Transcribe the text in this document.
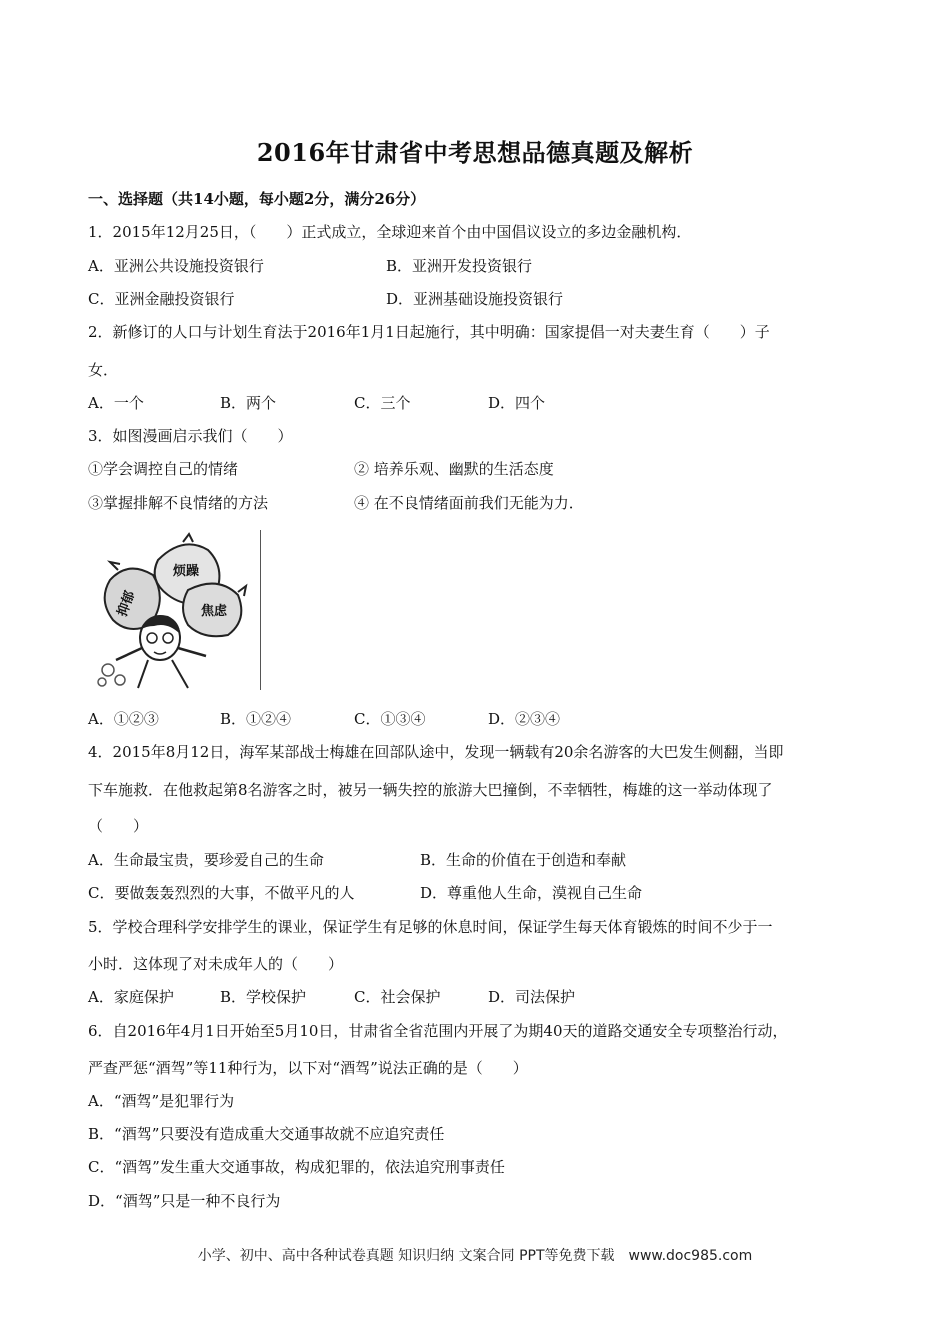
2016年甘肃省中考思想品德真题及解析
一、选择题（共14小题，每小题2分，满分26分）
1．2015年12月25日，（　　）正式成立，全球迎来首个由中国倡议设立的多边金融机构．
A．亚洲公共设施投资银行	B．亚洲开发投资银行
C．亚洲金融投资银行	D．亚洲基础设施投资银行
2．新修订的人口与计划生育法于2016年1月1日起施行，其中明确：国家提倡一对夫妻生育（　　）子
女．
A．一个	B．两个	C．三个	D．四个
3．如图漫画启示我们（　　）
①学会调控自己的情绪	② 培养乐观、幽默的生活态度
③掌握排解不良情绪的方法	④ 在不良情绪面前我们无能为力．
烦躁
抑郁	焦虑
A．①②③	B．①②④	C．①③④	D．②③④
4．2015年8月12日，海军某部战士梅雄在回部队途中，发现一辆载有20余名游客的大巴发生侧翻，当即
下车施救．在他救起第8名游客之时，被另一辆失控的旅游大巴撞倒，不幸牺牲，梅雄的这一举动体现了
（　　）
A．生命最宝贵，要珍爱自己的生命	B．生命的价值在于创造和奉献
C．要做轰轰烈烈的大事，不做平凡的人	D．尊重他人生命，漠视自己生命
5．学校合理科学安排学生的课业，保证学生有足够的休息时间，保证学生每天体育锻炼的时间不少于一
小时．这体现了对未成年人的（　　）
A．家庭保护	B．学校保护	C．社会保护	D．司法保护
6．自2016年4月1日开始至5月10日，甘肃省全省范围内开展了为期40天的道路交通安全专项整治行动，
严查严惩“酒驾”等11种行为，以下对“酒驾”说法正确的是（　　）
A．“酒驾”是犯罪行为
B．“酒驾”只要没有造成重大交通事故就不应追究责任
C．“酒驾”发生重大交通事故，构成犯罪的，依法追究刑事责任
D．“酒驾”只是一种不良行为
小学、初中、高中各种试卷真题 知识归纳 文案合同 PPT等免费下载　www.doc985.com
